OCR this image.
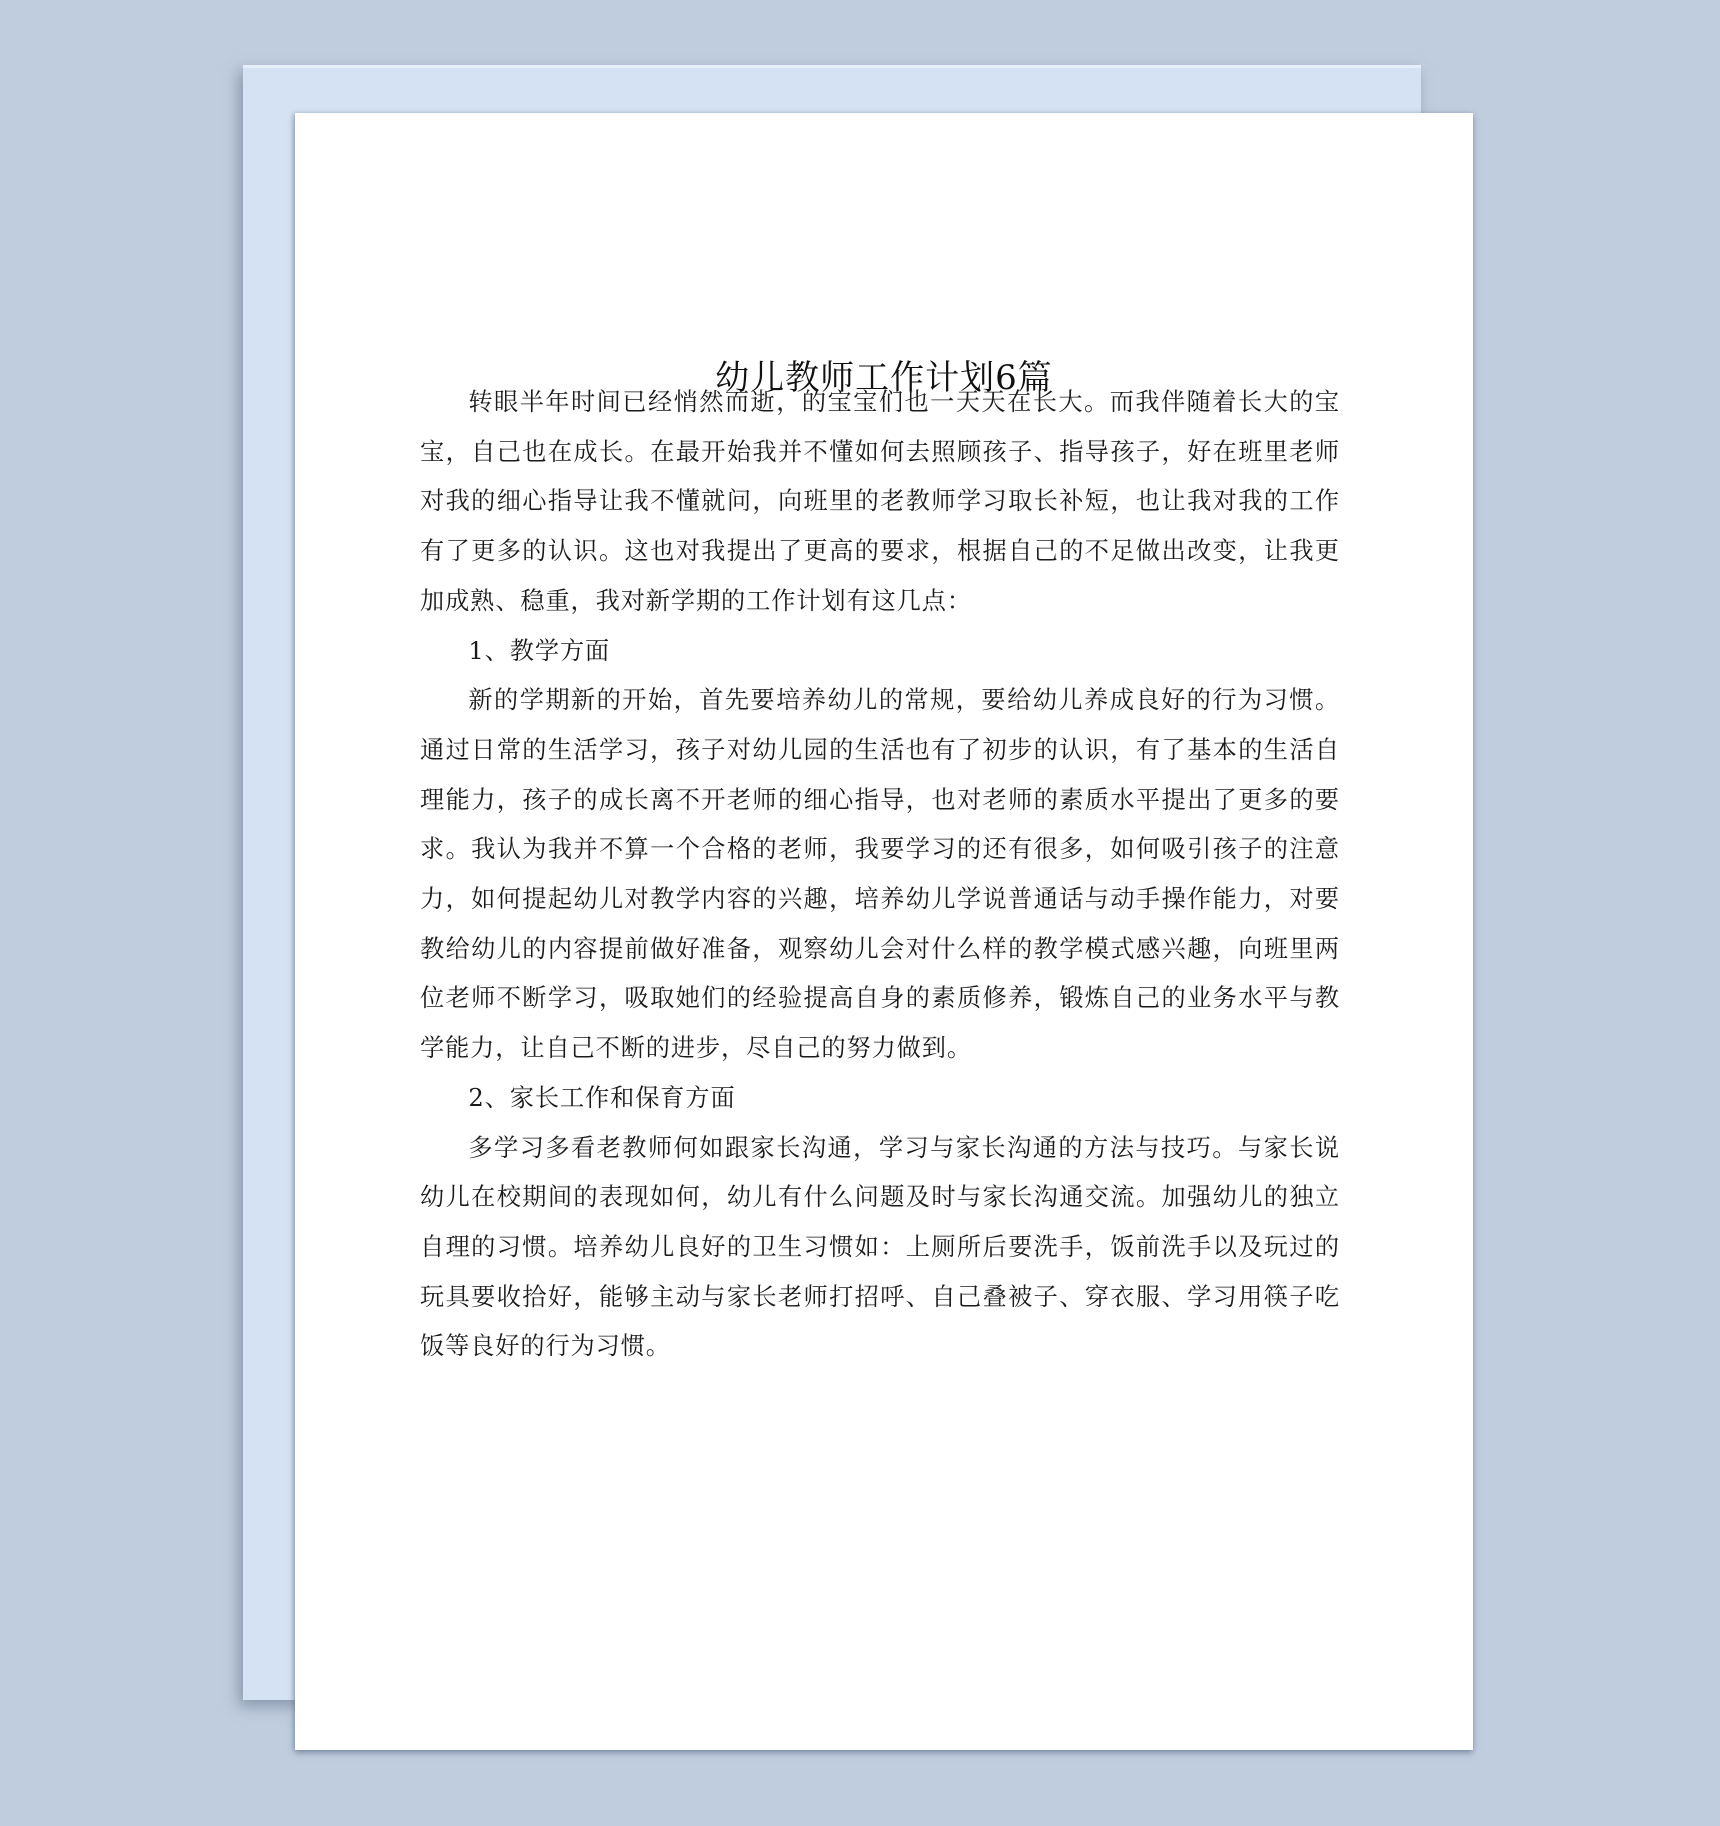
幼儿教师工作计划6篇

转眼半年时间已经悄然而逝，的宝宝们也一天天在长大。而我伴随着长大的宝宝，自己也在成长。在最开始我并不懂如何去照顾孩子、指导孩子，好在班里老师对我的细心指导让我不懂就问，向班里的老教师学习取长补短，也让我对我的工作有了更多的认识。这也对我提出了更高的要求，根据自己的不足做出改变，让我更加成熟、稳重，我对新学期的工作计划有这几点：

1、教学方面

新的学期新的开始，首先要培养幼儿的常规，要给幼儿养成良好的行为习惯。通过日常的生活学习，孩子对幼儿园的生活也有了初步的认识，有了基本的生活自理能力，孩子的成长离不开老师的细心指导，也对老师的素质水平提出了更多的要求。我认为我并不算一个合格的老师，我要学习的还有很多，如何吸引孩子的注意力，如何提起幼儿对教学内容的兴趣，培养幼儿学说普通话与动手操作能力，对要教给幼儿的内容提前做好准备，观察幼儿会对什么样的教学模式感兴趣，向班里两位老师不断学习，吸取她们的经验提高自身的素质修养，锻炼自己的业务水平与教学能力，让自己不断的进步，尽自己的努力做到。

2、家长工作和保育方面

多学习多看老教师何如跟家长沟通，学习与家长沟通的方法与技巧。与家长说幼儿在校期间的表现如何，幼儿有什么问题及时与家长沟通交流。加强幼儿的独立自理的习惯。培养幼儿良好的卫生习惯如：上厕所后要洗手，饭前洗手以及玩过的玩具要收拾好，能够主动与家长老师打招呼、自己叠被子、穿衣服、学习用筷子吃饭等良好的行为习惯。
